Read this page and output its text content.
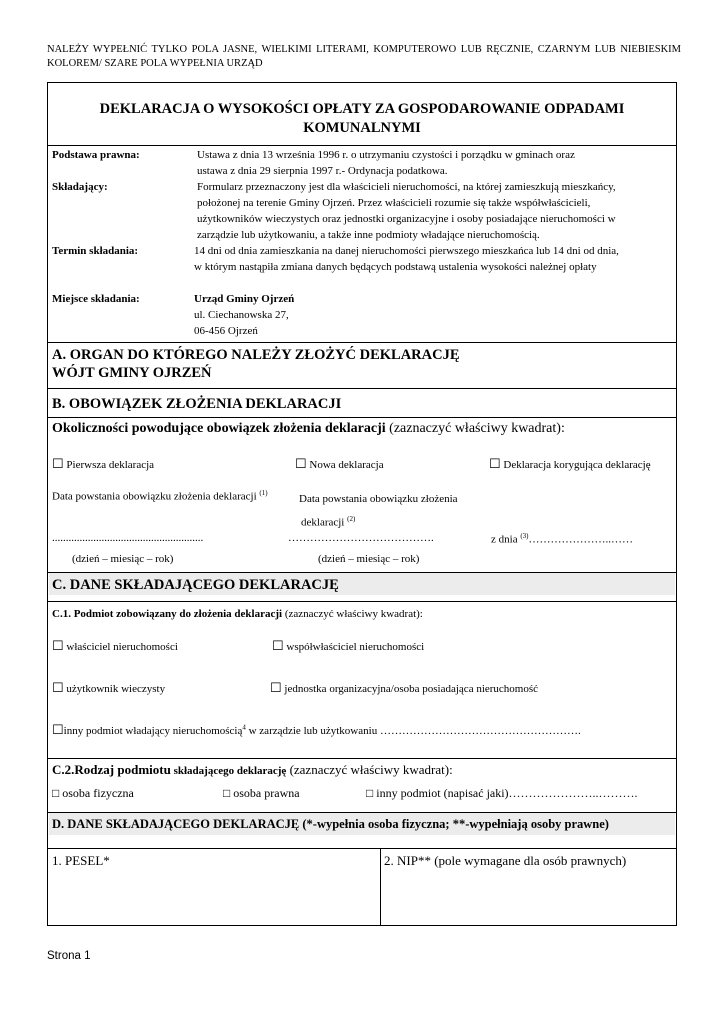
NALEŻY WYPEŁNIĆ TYLKO POLA JASNE, WIELKIMI LITERAMI, KOMPUTEROWO LUB RĘCZNIE, CZARNYM LUB NIEBIESKIM KOLOREM/ SZARE POLA WYPEŁNIA URZĄD
DEKLARACJA O WYSOKOŚCI OPŁATY ZA GOSPODAROWANIE ODPADAMI
KOMUNALNYMI
Podstawa prawna:	Ustawa z dnia 13 września 1996 r. o utrzymaniu czystości i porządku w gminach oraz
ustawa z dnia 29 sierpnia 1997 r.- Ordynacja podatkowa.
Składający:	Formularz przeznaczony jest dla właścicieli nieruchomości, na której zamieszkują mieszkańcy,
położonej na terenie Gminy Ojrzeń. Przez właścicieli rozumie się także współwłaścicieli,
użytkowników wieczystych oraz jednostki organizacyjne i osoby posiadające nieruchomości w
zarządzie lub użytkowaniu, a także inne podmioty władające nieruchomością.
Termin składania:	14 dni od dnia zamieszkania na danej nieruchomości pierwszego mieszkańca lub 14 dni od dnia,
w którym nastąpiła zmiana danych będących podstawą ustalenia wysokości należnej opłaty
Miejsce składania:	Urząd Gminy Ojrzeń
ul. Ciechanowska 27,
06-456 Ojrzeń
A. ORGAN DO KTÓREGO NALEŻY ZŁOŻYĆ DEKLARACJĘ
WÓJT GMINY OJRZEŃ
B. OBOWIĄZEK ZŁOŻENIA DEKLARACJI
Okoliczności powodujące obowiązek złożenia deklaracji (zaznaczyć właściwy kwadrat):
☐ Pierwsza deklaracja	☐ Nowa deklaracja	☐ Deklaracja korygująca deklarację
Data powstania obowiązku złożenia deklaracji $^{(1)}$	Data powstania obowiązku złożenia
deklaracji $^{(2)}$
.......................................................	………………………………….	z dnia $^{(3)}$…………………..……
(dzień – miesiąc – rok)	(dzień – miesiąc – rok)
C. DANE SKŁADAJĄCEGO DEKLARACJĘ
C.1. Podmiot zobowiązany do złożenia deklaracji (zaznaczyć właściwy kwadrat):
☐ właściciel nieruchomości	☐ współwłaściciel nieruchomości
☐ użytkownik wieczysty	☐ jednostka organizacyjna/osoba posiadająca nieruchomość
☐inny podmiot władający nieruchomością$^4$ w zarządzie lub użytkowaniu ……………………………………………….
C.2.Rodzaj podmiotu składającego deklarację (zaznaczyć właściwy kwadrat):
□ osoba fizyczna	□ osoba prawna	□ inny podmiot (napisać jaki)…………………..……….
D. DANE SKŁADAJĄCEGO DEKLARACJĘ (*-wypełnia osoba fizyczna; **-wypełniają osoby prawne)
1. PESEL*	2. NIP** (pole wymagane dla osób prawnych)
Strona 1
